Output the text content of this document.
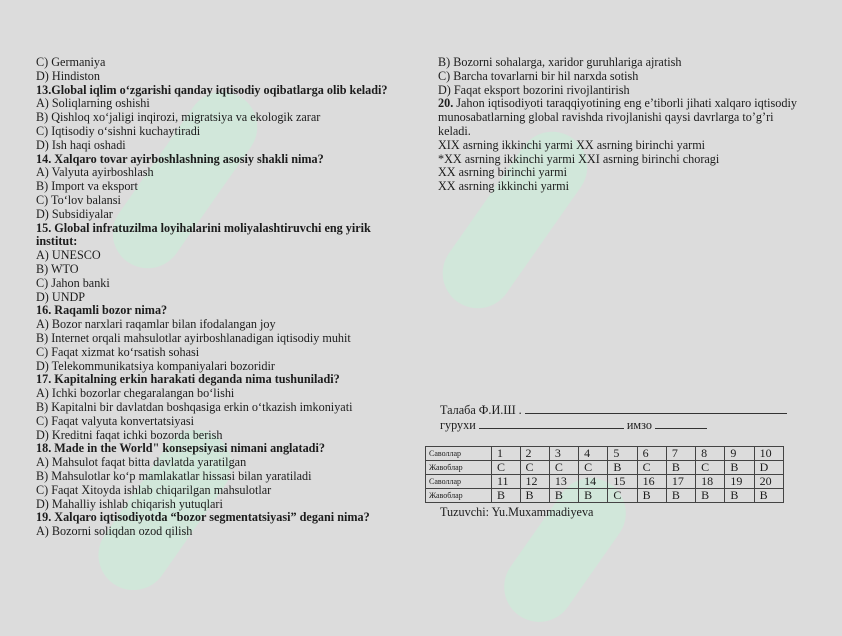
C) Germaniya
D) Hindiston
13.Global iqlim o‘zgarishi qanday iqtisodiy oqibatlarga olib keladi?
A) Soliqlarning oshishi
B) Qishloq xo‘jaligi inqirozi, migratsiya va ekologik zarar
C) Iqtisodiy o‘sishni kuchaytiradi
D) Ish haqi oshadi
14. Xalqaro tovar ayirboshlashning asosiy shakli nima?
A) Valyuta ayirboshlash
B) Import va eksport
C) To‘lov balansi
D) Subsidiyalar
15. Global infratuzilma loyihalarini moliyalashtiruvchi eng yirik
institut:
A) UNESCO
B) WTO
C) Jahon banki
D) UNDP
16. Raqamli bozor nima?
A) Bozor narxlari raqamlar bilan ifodalangan joy
B) Internet orqali mahsulotlar ayirboshlanadigan iqtisodiy muhit
C) Faqat xizmat ko‘rsatish sohasi
D) Telekommunikatsiya kompaniyalari bozoridir
17. Kapitalning erkin harakati deganda nima tushuniladi?
A) Ichki bozorlar chegaralangan bo‘lishi
B) Kapitalni bir davlatdan boshqasiga erkin o‘tkazish imkoniyati
C) Faqat valyuta konvertatsiyasi
D) Kreditni faqat ichki bozorda berish
18. Made in the World" konsepsiyasi nimani anglatadi?
A) Mahsulot faqat bitta davlatda yaratilgan
B) Mahsulotlar ko‘p mamlakatlar hissasi bilan yaratiladi
C) Faqat Xitoyda ishlab chiqarilgan mahsulotlar
D) Mahalliy ishlab chiqarish yutuqlari
19. Xalqaro iqtisodiyotda “bozor segmentatsiyasi” degani nima?
A) Bozorni soliqdan ozod qilish
B) Bozorni sohalarga, xaridor guruhlariga ajratish
C) Barcha tovarlarni bir hil narxda sotish
D) Faqat eksport bozorini rivojlantirish
20. Jahon iqtisodiyoti taraqqiyotining eng e’tiborli jihati xalqaro iqtisodiy
munosabatlarning global ravishda rivojlanishi qaysi davrlarga to’g’ri
keladi.
XIX asrning ikkinchi yarmi XX asrning birinchi yarmi
*XX asrning ikkinchi yarmi XXI asrning birinchi choragi
XX asrning birinchi yarmi
XX asrning ikkinchi yarmi
Талаба Ф.И.Ш .
гурухи	имзо
Саволлар	1	2	3	4	5	6	7	8	9	10
Жавоблар	C	C	C	C	B	C	B	C	B	D
Саволлар	11	12	13	14	15	16	17	18	19	20
Жавоблар	B	B	B	B	C	B	B	B	B	B
Tuzuvchi: Yu.Muxammadiyeva
